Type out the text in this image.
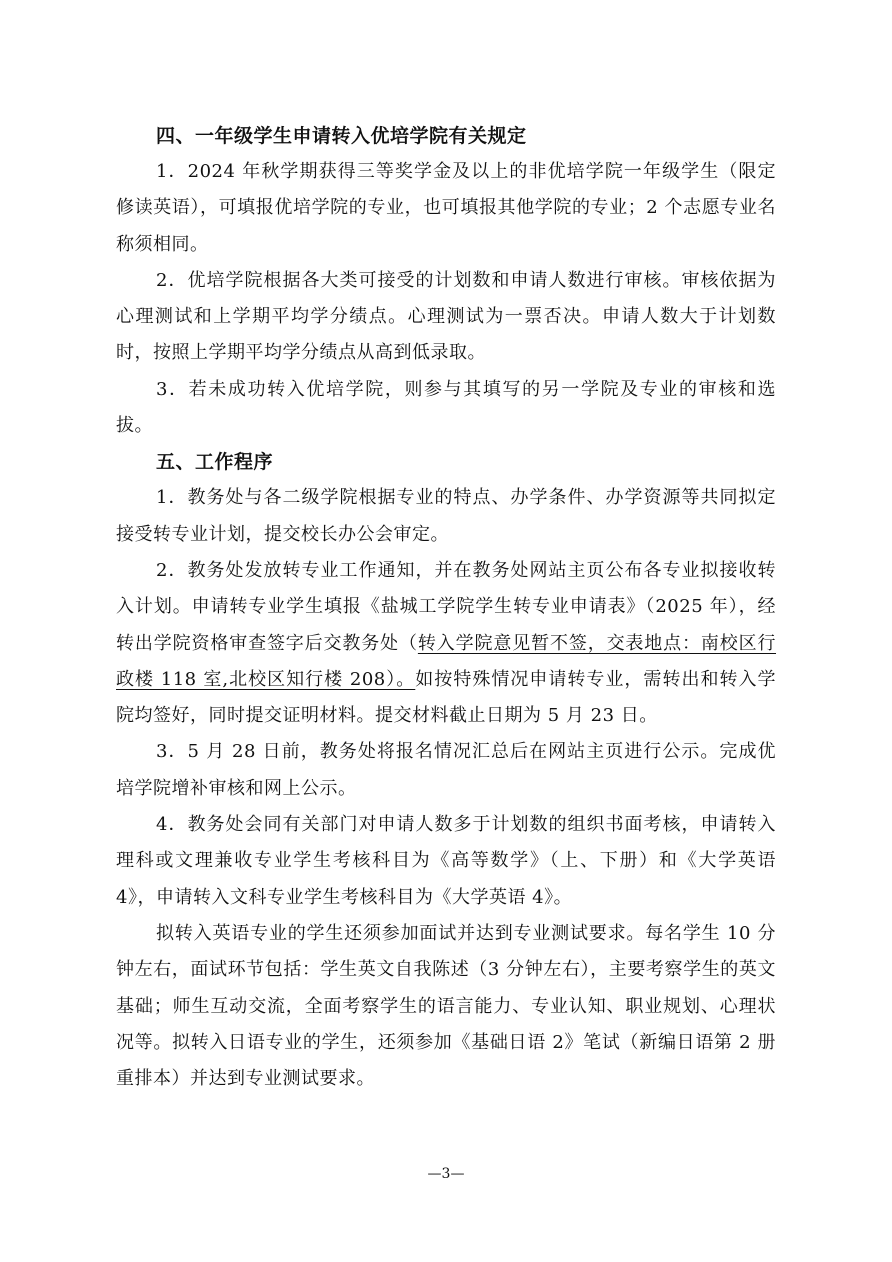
四、一年级学生申请转入优培学院有关规定

1．2024 年秋学期获得三等奖学金及以上的非优培学院一年级学生（限定修读英语），可填报优培学院的专业，也可填报其他学院的专业；2 个志愿专业名称须相同。

2．优培学院根据各大类可接受的计划数和申请人数进行审核。审核依据为心理测试和上学期平均学分绩点。心理测试为一票否决。申请人数大于计划数时，按照上学期平均学分绩点从高到低录取。

3．若未成功转入优培学院，则参与其填写的另一学院及专业的审核和选拔。

五、工作程序

1．教务处与各二级学院根据专业的特点、办学条件、办学资源等共同拟定接受转专业计划，提交校长办公会审定。

2．教务处发放转专业工作通知，并在教务处网站主页公布各专业拟接收转入计划。申请转专业学生填报《盐城工学院学生转专业申请表》（2025 年），经转出学院资格审查签字后交教务处（转入学院意见暂不签，交表地点：南校区行政楼 118 室,北校区知行楼 208）。如按特殊情况申请转专业，需转出和转入学院均签好，同时提交证明材料。提交材料截止日期为 5 月 23 日。

3．5 月 28 日前，教务处将报名情况汇总后在网站主页进行公示。完成优培学院增补审核和网上公示。

4．教务处会同有关部门对申请人数多于计划数的组织书面考核，申请转入理科或文理兼收专业学生考核科目为《高等数学》（上、下册）和《大学英语 4》，申请转入文科专业学生考核科目为《大学英语 4》。

拟转入英语专业的学生还须参加面试并达到专业测试要求。每名学生 10 分钟左右，面试环节包括：学生英文自我陈述（3 分钟左右），主要考察学生的英文基础；师生互动交流，全面考察学生的语言能力、专业认知、职业规划、心理状况等。拟转入日语专业的学生，还须参加《基础日语 2》笔试（新编日语第 2 册重排本）并达到专业测试要求。

—3—
